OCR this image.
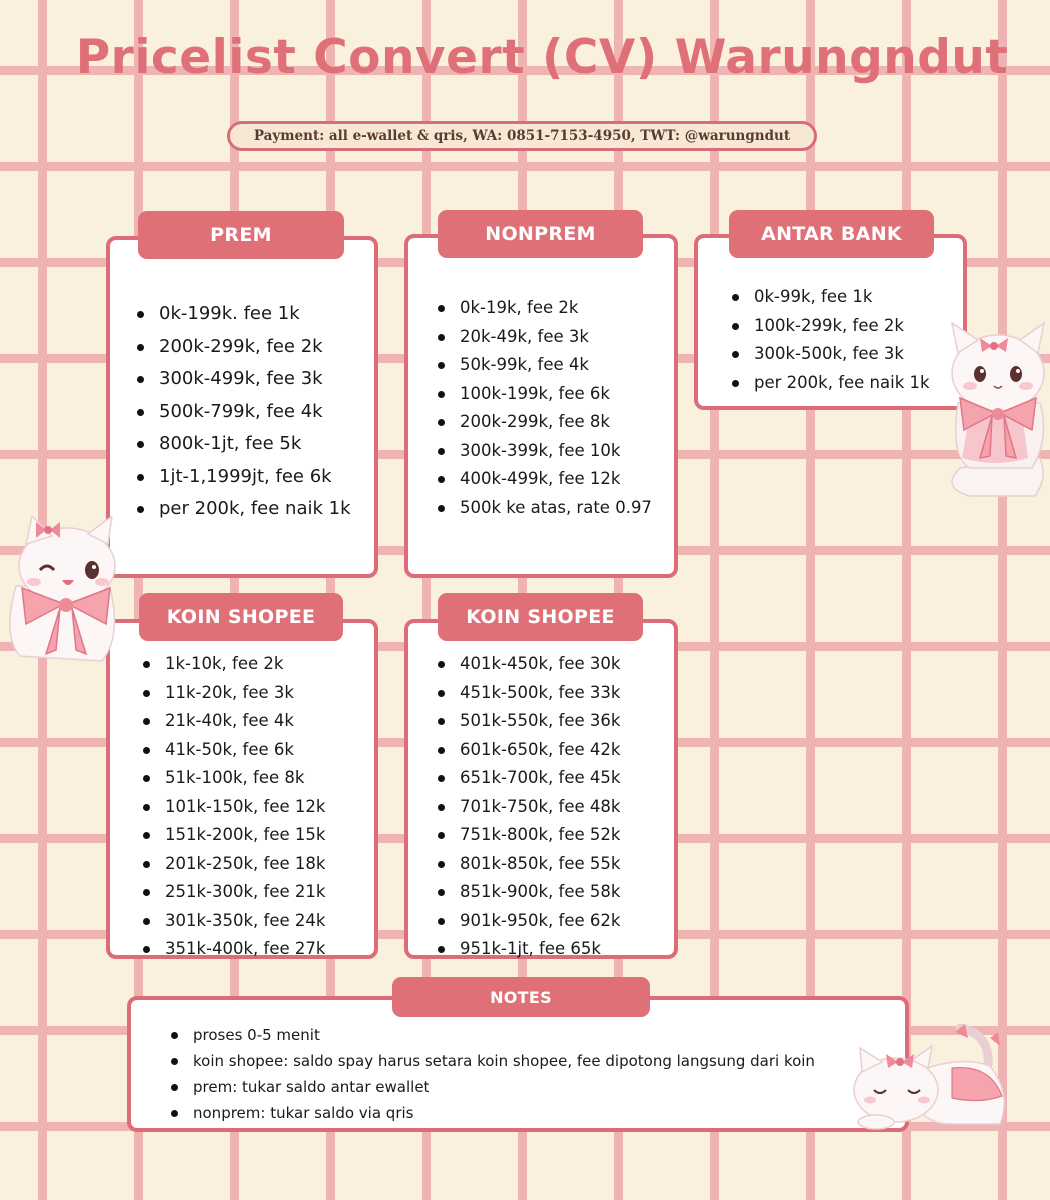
Pricelist Convert (CV) Warungndut
Payment: all e-wallet & qris, WA: 0851-7153-4950, TWT: @warungndut
0k-199k. fee 1k
200k-299k, fee 2k
300k-499k, fee 3k
500k-799k, fee 4k
800k-1jt, fee 5k
1jt-1,1999jt, fee 6k
per 200k, fee naik 1k
PREM
0k-19k, fee 2k
20k-49k, fee 3k
50k-99k, fee 4k
100k-199k, fee 6k
200k-299k, fee 8k
300k-399k, fee 10k
400k-499k, fee 12k
500k ke atas, rate 0.97
NONPREM
0k-99k, fee 1k
100k-299k, fee 2k
300k-500k, fee 3k
per 200k, fee naik 1k
ANTAR BANK
1k-10k, fee 2k
11k-20k, fee 3k
21k-40k, fee 4k
41k-50k, fee 6k
51k-100k, fee 8k
101k-150k, fee 12k
151k-200k, fee 15k
201k-250k, fee 18k
251k-300k, fee 21k
301k-350k, fee 24k
351k-400k, fee 27k
KOIN SHOPEE
401k-450k, fee 30k
451k-500k, fee 33k
501k-550k, fee 36k
601k-650k, fee 42k
651k-700k, fee 45k
701k-750k, fee 48k
751k-800k, fee 52k
801k-850k, fee 55k
851k-900k, fee 58k
901k-950k, fee 62k
951k-1jt, fee 65k
KOIN SHOPEE
proses 0-5 menit
koin shopee: saldo spay harus setara koin shopee, fee dipotong langsung dari koin
prem: tukar saldo antar ewallet
nonprem: tukar saldo via qris
NOTES
